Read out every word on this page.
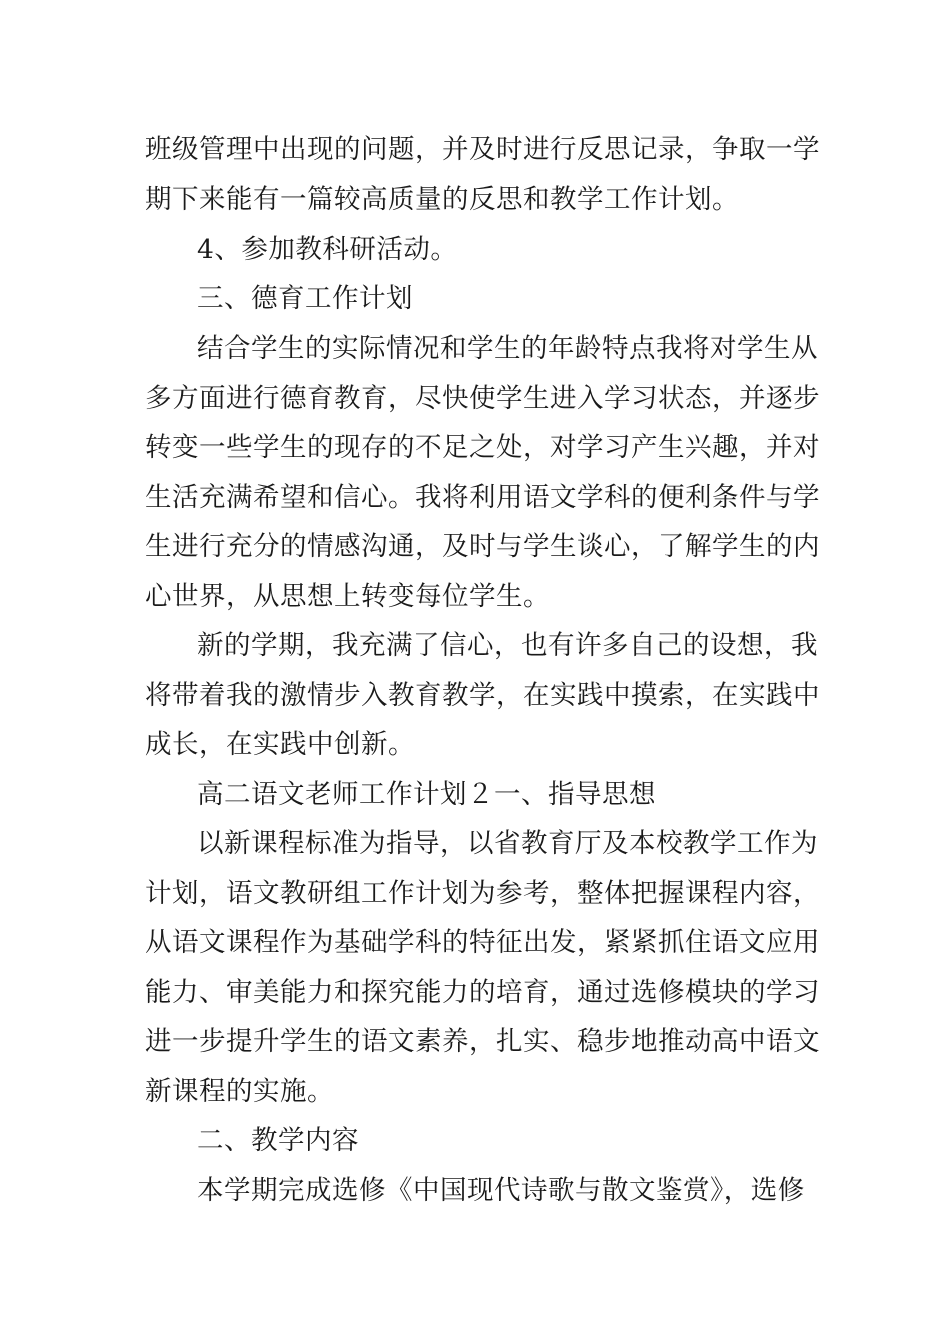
班级管理中出现的问题，并及时进行反思记录，争取一学
期下来能有一篇较高质量的反思和教学工作计划。
4、参加教科研活动。
三、德育工作计划
结合学生的实际情况和学生的年龄特点我将对学生从
多方面进行德育教育，尽快使学生进入学习状态，并逐步
转变一些学生的现存的不足之处，对学习产生兴趣，并对
生活充满希望和信心。我将利用语文学科的便利条件与学
生进行充分的情感沟通，及时与学生谈心，了解学生的内
心世界，从思想上转变每位学生。
新的学期，我充满了信心，也有许多自己的设想，我
将带着我的激情步入教育教学，在实践中摸索，在实践中
成长，在实践中创新。
高二语文老师工作计划２一、指导思想
以新课程标准为指导，以省教育厅及本校教学工作为
计划，语文教研组工作计划为参考，整体把握课程内容，
从语文课程作为基础学科的特征出发，紧紧抓住语文应用
能力、审美能力和探究能力的培育，通过选修模块的学习
进一步提升学生的语文素养，扎实、稳步地推动高中语文
新课程的实施。
二、教学内容
本学期完成选修《中国现代诗歌与散文鉴赏》，选修
